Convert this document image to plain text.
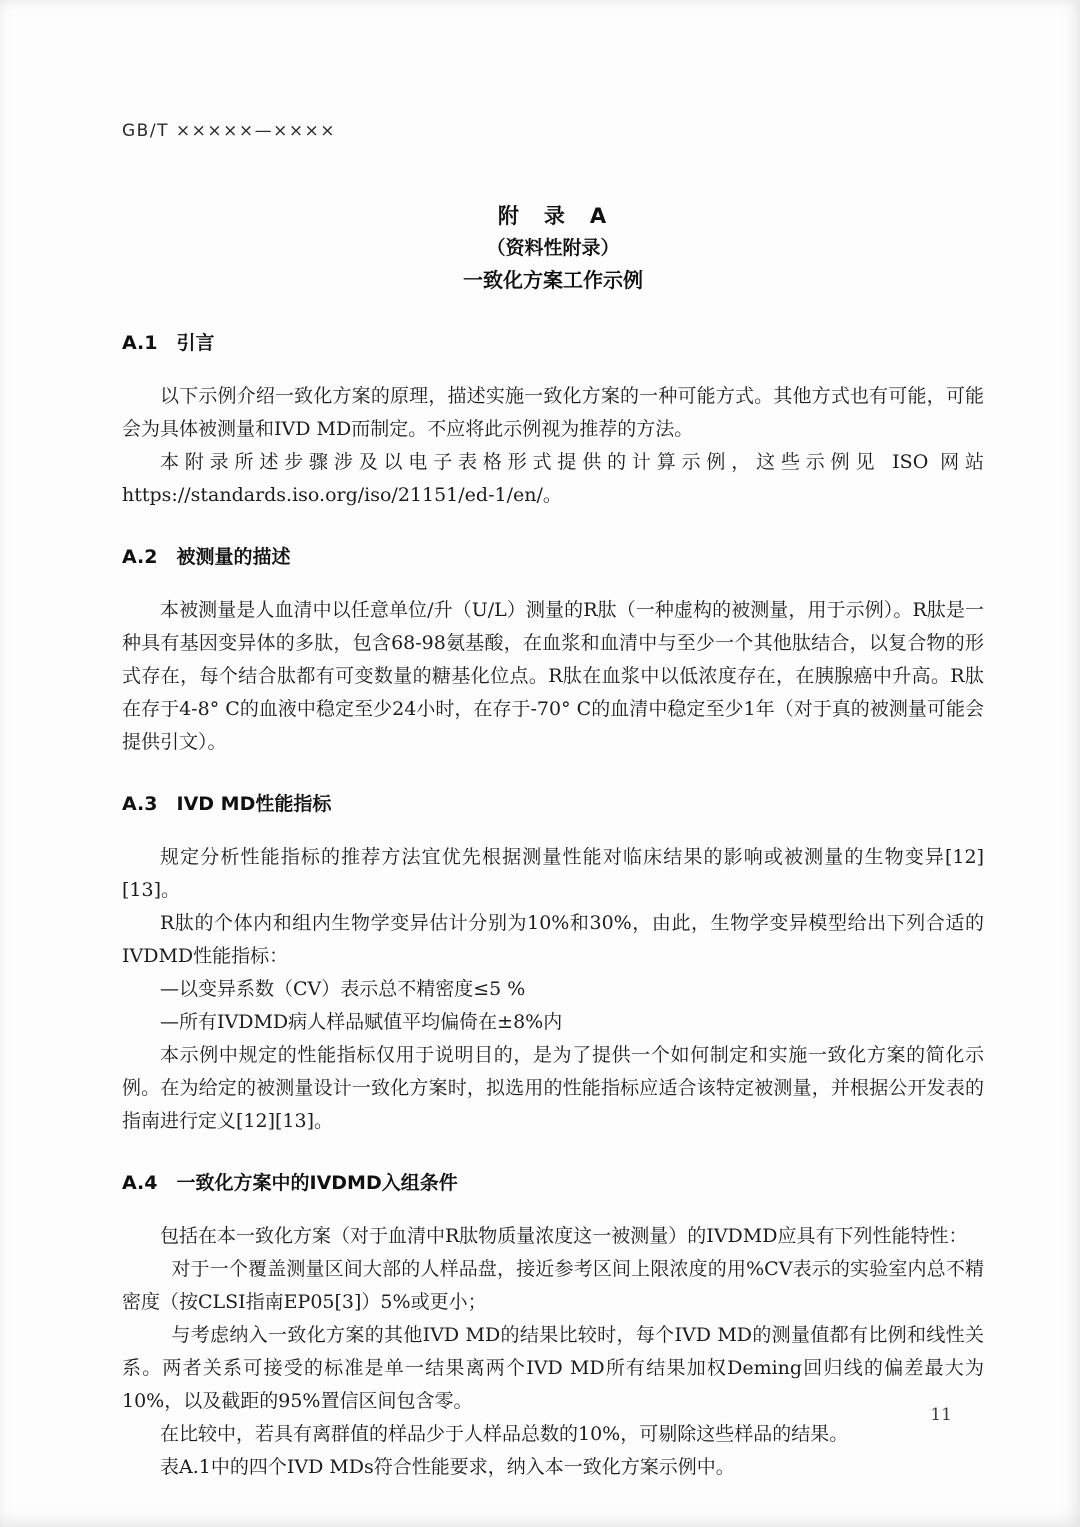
GB/T ×××××—××××
附　录　A
（资料性附录）
一致化方案工作示例
A.1　引言

以下示例介绍一致化方案的原理，描述实施一致化方案的一种可能方式。其他方式也有可能，可能会为具体被测量和IVD MD而制定。不应将此示例视为推荐的方法。

本附录所述步骤涉及以电子表格形式提供的计算示例，这些示例见 ISO 网站 https://standards.iso.org/iso/21151/ed-1/en/。

A.2　被测量的描述

本被测量是人血清中以任意单位/升（U/L）测量的R肽（一种虚构的被测量，用于示例）。R肽是一种具有基因变异体的多肽，包含68-98氨基酸，在血浆和血清中与至少一个其他肽结合，以复合物的形式存在，每个结合肽都有可变数量的糖基化位点。R肽在血浆中以低浓度存在，在胰腺癌中升高。R肽在存于4-8° C的血液中稳定至少24小时，在存于-70° C的血清中稳定至少1年（对于真的被测量可能会提供引文）。

A.3　IVD MD性能指标

规定分析性能指标的推荐方法宜优先根据测量性能对临床结果的影响或被测量的生物变异[12][13]。

R肽的个体内和组内生物学变异估计分别为10%和30%，由此，生物学变异模型给出下列合适的IVDMD性能指标：

—以变异系数（CV）表示总不精密度≤5 %

—所有IVDMD病人样品赋值平均偏倚在±8%内

本示例中规定的性能指标仅用于说明目的，是为了提供一个如何制定和实施一致化方案的简化示例。在为给定的被测量设计一致化方案时，拟选用的性能指标应适合该特定被测量，并根据公开发表的指南进行定义[12][13]。

A.4　一致化方案中的IVDMD入组条件

包括在本一致化方案（对于血清中R肽物质量浓度这一被测量）的IVDMD应具有下列性能特性：

对于一个覆盖测量区间大部的人样品盘，接近参考区间上限浓度的用%CV表示的实验室内总不精密度（按CLSI指南EP05[3]）5%或更小；

与考虑纳入一致化方案的其他IVD MD的结果比较时，每个IVD MD的测量值都有比例和线性关系。两者关系可接受的标准是单一结果离两个IVD MD所有结果加权Deming回归线的偏差最大为10%，以及截距的95%置信区间包含零。

在比较中，若具有离群值的样品少于人样品总数的10%，可剔除这些样品的结果。

表A.1中的四个IVD MDs符合性能要求，纳入本一致化方案示例中。

11
